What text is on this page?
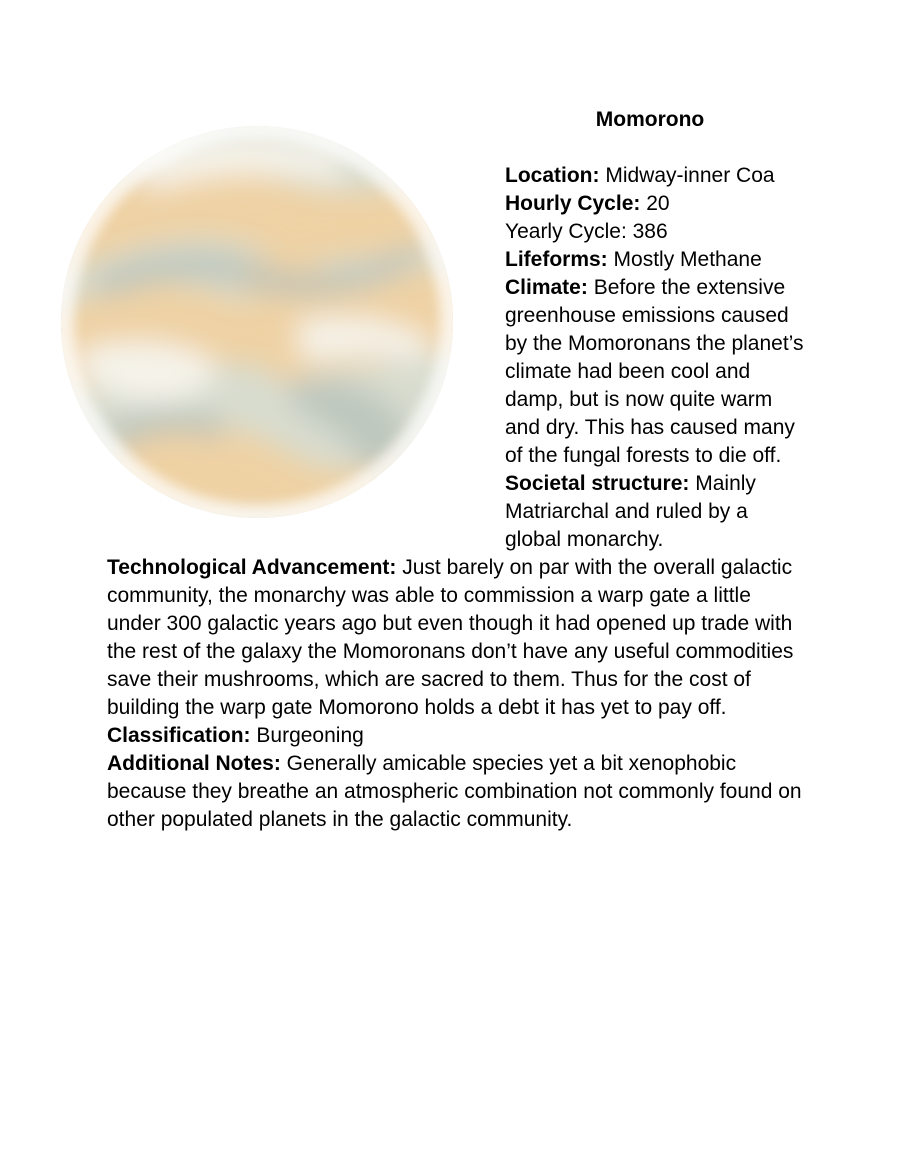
Momorono

Location: Midway-inner Coa

Hourly Cycle: 20

Yearly Cycle: 386

Lifeforms: Mostly Methane

Climate: Before the extensive greenhouse emissions caused by the Momoronans the planet’s climate had been cool and damp, but is now quite warm and dry. This has caused many of the fungal forests to die off.

Societal structure: Mainly Matriarchal and ruled by a global monarchy.

Technological Advancement: Just barely on par with the overall galactic community, the monarchy was able to commission a warp gate a little under 300 galactic years ago but even though it had opened up trade with the rest of the galaxy the Momoronans don’t have any useful commodities save their mushrooms, which are sacred to them. Thus for the cost of building the warp gate Momorono holds a debt it has yet to pay off.

Classification: Burgeoning

Additional Notes: Generally amicable species yet a bit xenophobic because they breathe an atmospheric combination not commonly found on other populated planets in the galactic community.
